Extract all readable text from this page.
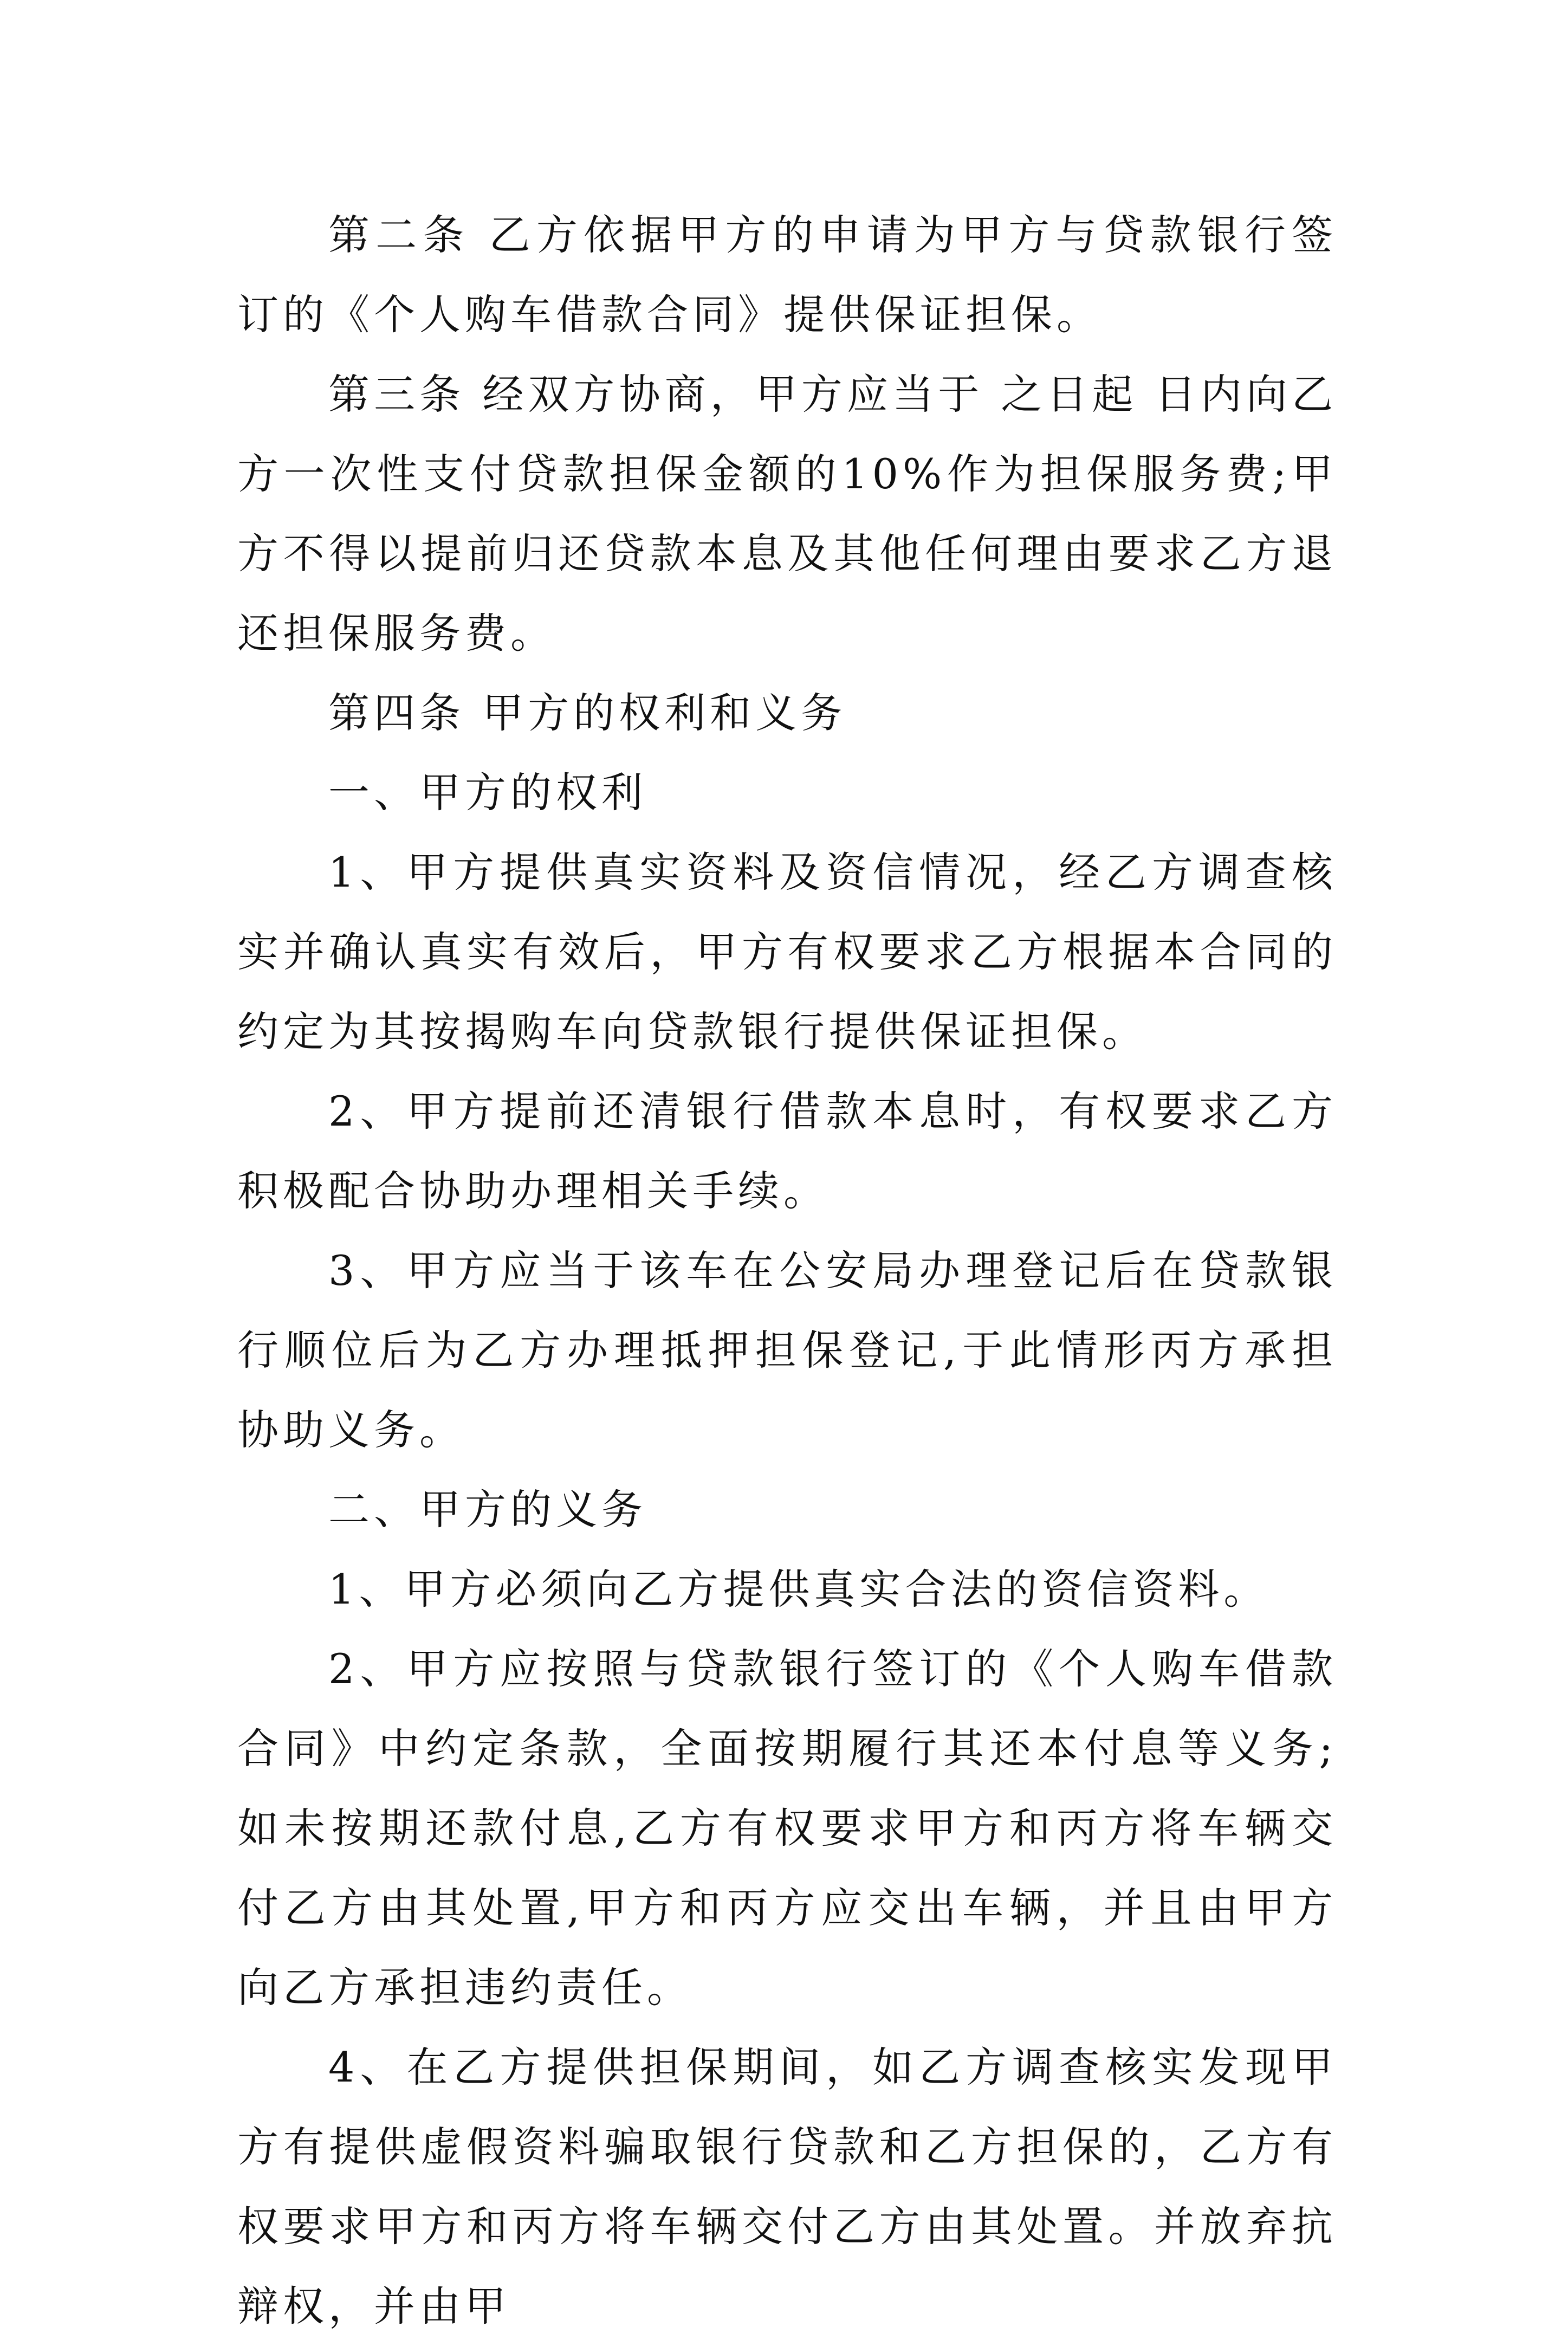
第二条 乙方依据甲方的申请为甲方与贷款银行签订的《个人购车借款合同》提供保证担保。

第三条 经双方协商，甲方应当于 之日起 日内向乙方一次性支付贷款担保金额的10%作为担保服务费;甲方不得以提前归还贷款本息及其他任何理由要求乙方退还担保服务费。

第四条 甲方的权利和义务

一、甲方的权利

1、甲方提供真实资料及资信情况，经乙方调查核实并确认真实有效后，甲方有权要求乙方根据本合同的约定为其按揭购车向贷款银行提供保证担保。

2、甲方提前还清银行借款本息时，有权要求乙方积极配合协助办理相关手续。

3、甲方应当于该车在公安局办理登记后在贷款银行顺位后为乙方办理抵押担保登记,于此情形丙方承担协助义务。

二、甲方的义务

1、甲方必须向乙方提供真实合法的资信资料。

2、甲方应按照与贷款银行签订的《个人购车借款合同》中约定条款，全面按期履行其还本付息等义务;如未按期还款付息,乙方有权要求甲方和丙方将车辆交付乙方由其处置,甲方和丙方应交出车辆，并且由甲方向乙方承担违约责任。

4、在乙方提供担保期间，如乙方调查核实发现甲方有提供虚假资料骗取银行贷款和乙方担保的，乙方有权要求甲方和丙方将车辆交付乙方由其处置。并放弃抗辩权，并由甲
